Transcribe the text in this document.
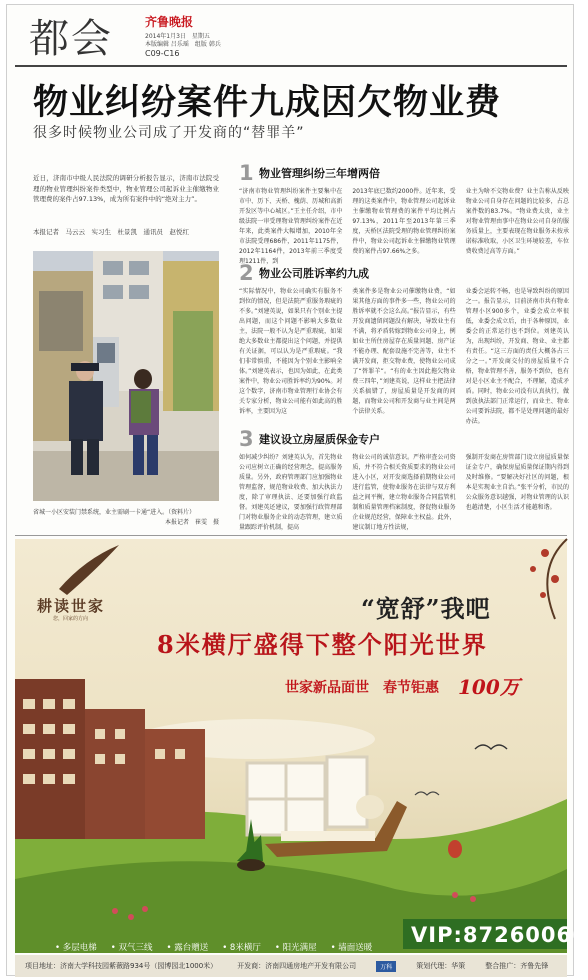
都会	齐鲁晚报
2014年1月3日　星期五
本版编辑 吕乐瑶　组版 韩兵
C09-C16
物业纠纷案件九成因欠物业费
很多时候物业公司成了开发商的“替罪羊”

近日，济南市中级人民法院的调研分析报告显示，济南市法院受理的物业管理纠纷案件类型中，物业管理公司起诉业主催缴物业管理费的案件占97.13%，成为所有案件中的“绝对主力”。

本报记者　马云云　实习生　杜景凯　通讯员　赵悦红
省城一小区安装门禁系统，业主需刷一卡通“进入。（资料片）
本报记者　崔雯　摄
1 物业管理纠纷三年增两倍

“济南市物业管理纠纷案件主要集中在市中、历下、天桥、槐荫、历城和高新开发区等中心城区。”王主任介绍，市中级法院一审受理物业管理纠纷案件在近年来，此类案件大幅增加，2010年全市法院受理686件，2011年1175件，2012年1164件，2013年前三季度受理1211件，到

2013年底已数约2000件。近年来，受理的这类案件中，物业管理公司起诉业主催缴物业管理费的案件平均比例占97.13%，2011年至2013年第三季度，天桥区法院受理的物业管理纠纷案件中，物业公司起诉业主催缴物业管理费的案件占97.66%之多。

业主为啥不交物业费？业主告称从反映物业公司自身存在问题的比较多，占总案件数的83.7%。“物业费太贵，业主对物业管理由事中在物业公司自身的服务质量上，主要表现在物业服务未按承诺标准收取，小区卫生环境较差，车位费收费过高等方面。”

2 物业公司胜诉率约九成

“实际情况中，物业公司确实有服务不到位的情况，但是法院严重服务瑕疵的不多。”刘建英说，如果只有个别业主提出问题，而这个问题不影响大多数业主，法院一般不认为是严重瑕疵，如果绝大多数业主都提出这个问题，并提供有关证据，可以认为是严重瑕疵。“我们非常慎重，不能因为个别业主影响全体。”刘建英表示，也因为如此，在此类案件中，物业公司胜诉率约为90%。对这个数字，济南市物业管理行业协会有关专家分析，物业公司能有如此高的胜诉率，主要因为这

类案件多是物业公司催缴物业费，“如果其他方面的事件多一些，物业公司的胜诉率就不会这么高。”报告显示，有些开发商遗留问题没有解决，导致业主有不满，将矛盾转嫁到物业公司身上，例如业主所住房屋存在质量问题、房产证不能办理、配套设施不完善等，业主不满开发商，拒交物业费，使物业公司成了“替罪羊”。“有的业主因此拖欠物业费三四年，”刘建英说，这样业主把法律关系搞错了，房屋质量是开发商的问题，而物业公司和开发商与业主间是两个法律关系。

业委会运转不畅，也是导致纠纷的原因之一。报告显示，目前济南市共有物业管理小区900多个，业委会成立率很低，业委会成立后，由于各种原因，业委会的正常运行也不到位。刘建英认为，出现纠纷，开发商、物业、业主都有责任。“这三方面的责任大概各占三分之一。”开发商交付的房屋质量不合格，物业管理不善，服务不到位，也有对是小区业主不配合，不理解，造成矛盾。同时，物业公司没有认真执行，做到放执法部门正常运行，而业主、物业公司要诉法院，都不是处理问题的最好办法。

3 建议设立房屋质保金专户

如何减少纠纷？刘建英认为，首先物业公司应树立正确的经营理念，提高服务质量。另外，政府管理部门应加强物业管理监督，规范物业收费、加大执法力度，除了审理执法、还要加强行政监督。刘建英还建议，要加强行政管理部门对物业服务企业的动态管理，建立质量跟踪评价机制，提高

物业公司的诚信意识。严格审查公司资质，并不符合相关资质要求的物业公司进入小区，对开发商选择前期物业公司进行监管，使物业服务在法律与双方利益之间平衡，建立物业服务合同监管机制和质量管理档案制度，督促物业服务企业规范经营，保障业主权益。此外，建议制订地方性法规，

强制开发商在房管部门设立房屋质量保证金专户，确保房屋质量保证期内得到及时维修。“要解决好社区的问题，根本是实现业主自治。”张平分析，市民的公众服务意识越强，对物业管理的认识也越清楚，小区生活才能越和谐。

耕读世家
您，回家的方向	“宽舒”我吧
8米横厅盛得下整个阳光世界
世家新品面世　春节钜惠 100万
VIP:87260066
• 多层电梯	• 双气三线	• 露台赠送	• 8米横厅	• 阳光满屋	• 墙面送暖
项目地址：济南大学科技园紫薇路934号（园博园北1000米）	开发商：济南四通房地产开发有限公司	万科	策划代理：华策	整合推广：齐鲁先锋
